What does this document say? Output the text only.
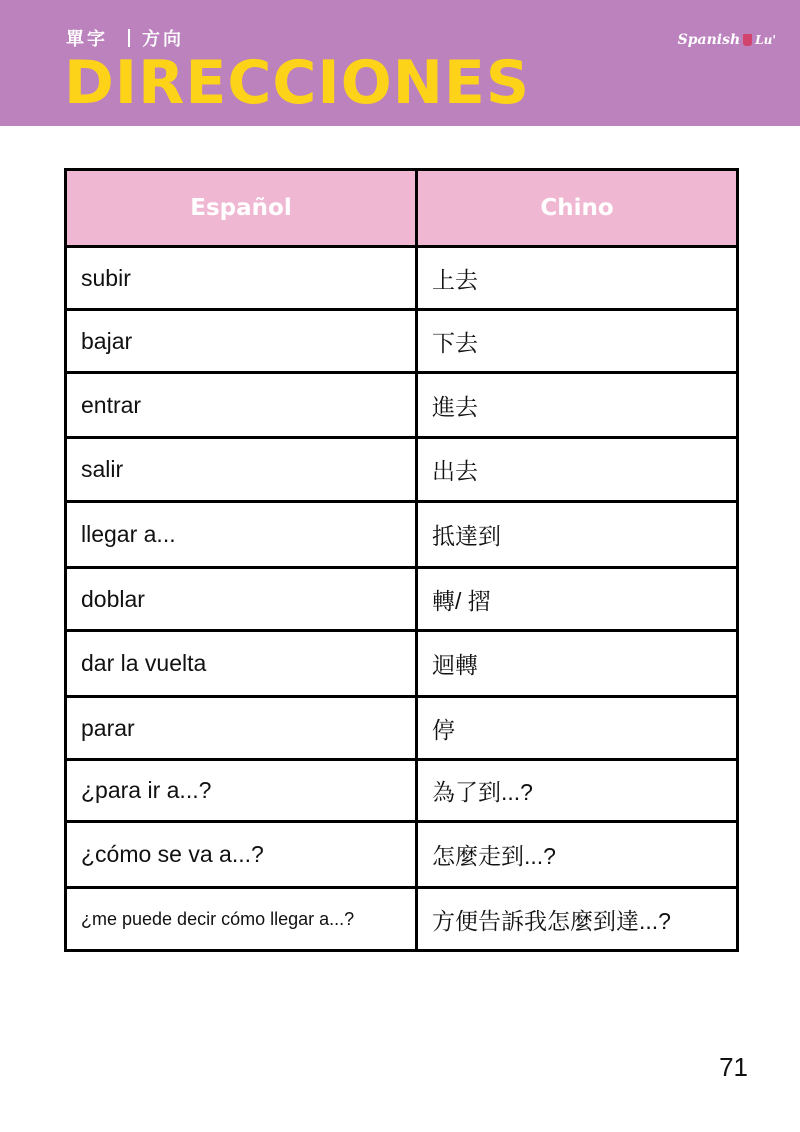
單字 方向
DIRECCIONES
Spanish Lu'
Español	Chino
subir	上去
bajar	下去
entrar	進去
salir	出去
llegar a...	抵達到
doblar	轉/ 摺
dar la vuelta	迴轉
parar	停
¿para ir a...?	為了到...?
¿cómo se va a...?	怎麼走到...?
¿me puede decir cómo llegar a...?	方便告訴我怎麼到達...?
71
